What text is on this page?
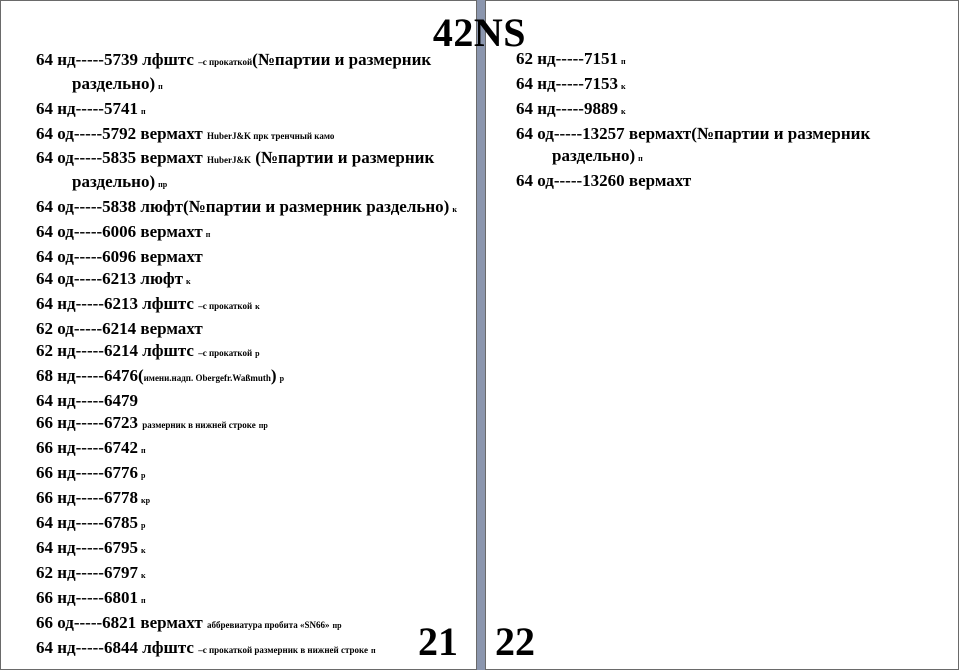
42NS

64 нд-----5739 лфштс –с прокаткой(№партии и размерник раздельно) п

64 нд-----5741 п

64 од-----5792 вермахт HuberJ&K прк тренчный камо

64 од-----5835 вермахт HuberJ&K (№партии и размерник раздельно) пр

64 од-----5838 люфт(№партии и размерник раздельно) к

64 од-----6006 вермахт п

64 од-----6096 вермахт

64 од-----6213 люфт к

64 нд-----6213 лфштс –с прокаткой к

62 од-----6214 вермахт

62 нд-----6214 лфштс –с прокаткой р

68 нд-----6476(имени.надп. Obergefr.Waßmuth) р

64 нд-----6479

66 нд-----6723 размерник в нижней строке пр

66 нд-----6742 п

66 нд-----6776 р

66 нд-----6778 кр

64 нд-----6785 р

64 нд-----6795 к

62 нд-----6797 к

66 нд-----6801 п

66 од-----6821 вермахт аббревиатура пробита «SN66» пр

64 нд-----6844 лфштс –с прокаткой размерник в нижней строке п

62 нд-----7151 п

64 нд-----7153 к

64 нд-----9889 к

64 од-----13257 вермахт(№партии и размерник раздельно) п

64 од-----13260 вермахт

21 22
